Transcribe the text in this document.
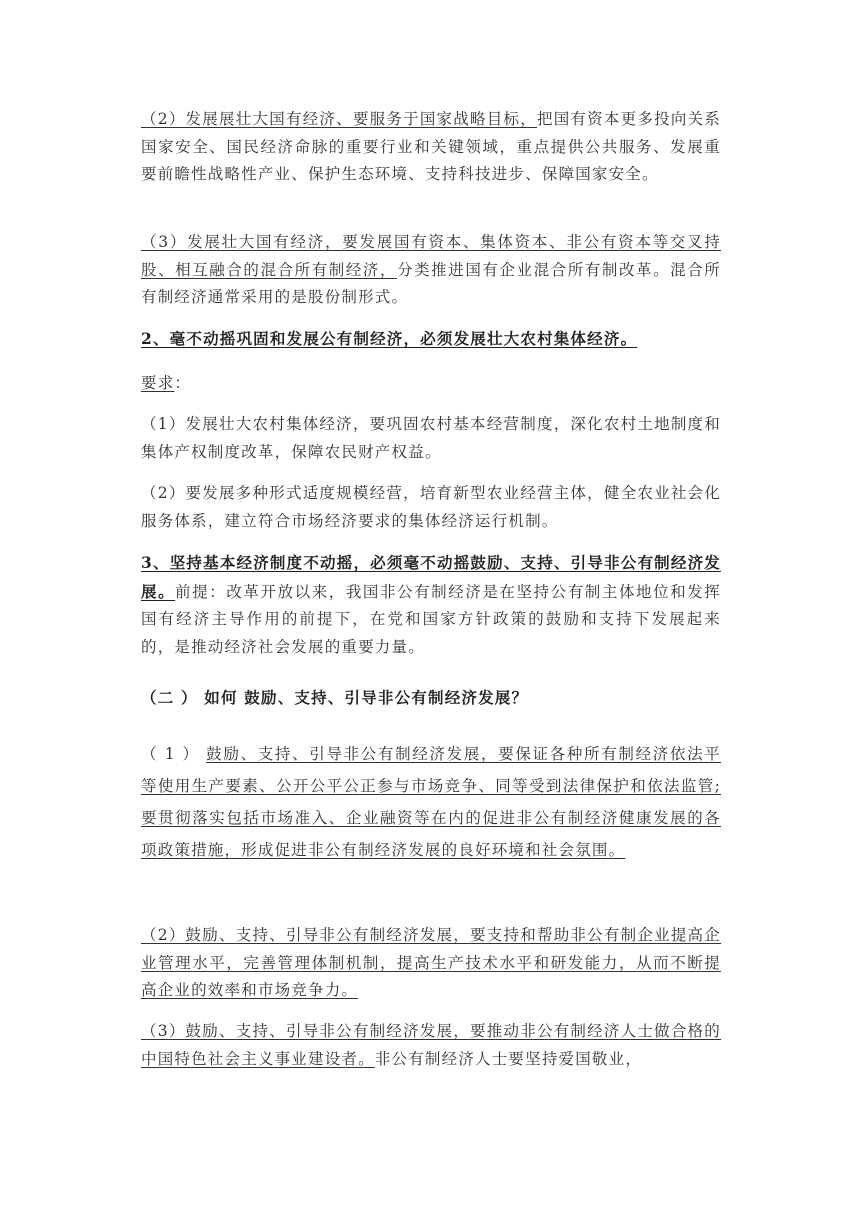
（2）发展展壮大国有经济、要服务于国家战略目标，把国有资本更多投向关系国家安全、国民经济命脉的重要行业和关键领域，重点提供公共服务、发展重要前瞻性战略性产业、保护生态环境、支持科技进步、保障国家安全。

（3）发展壮大国有经济，要发展国有资本、集体资本、非公有资本等交叉持股、相互融合的混合所有制经济，分类推进国有企业混合所有制改革。混合所有制经济通常采用的是股份制形式。

2、毫不动摇巩固和发展公有制经济，必须发展壮大农村集体经济。

要求：

（1）发展壮大农村集体经济，要巩固农村基本经营制度，深化农村土地制度和集体产权制度改革，保障农民财产权益。

（2）要发展多种形式适度规模经营，培育新型农业经营主体，健全农业社会化服务体系，建立符合市场经济要求的集体经济运行机制。

3、坚持基本经济制度不动摇，必须毫不动摇鼓励、支持、引导非公有制经济发展。前提：改革开放以来，我国非公有制经济是在坚持公有制主体地位和发挥国有经济主导作用的前提下，在党和国家方针政策的鼓励和支持下发展起来的，是推动经济社会发展的重要力量。

（二 ） 如何 鼓励、支持、引导非公有制经济发展？

（ 1 ） 鼓励、支持、引导非公有制经济发展，要保证各种所有制经济依法平等使用生产要素、公开公平公正参与市场竞争、同等受到法律保护和依法监管;要贯彻落实包括市场准入、企业融资等在内的促进非公有制经济健康发展的各项政策措施，形成促进非公有制经济发展的良好环境和社会氛围。

（2）鼓励、支持、引导非公有制经济发展，要支持和帮助非公有制企业提高企业管理水平，完善管理体制机制，提高生产技术水平和研发能力，从而不断提高企业的效率和市场竞争力。

（3）鼓励、支持、引导非公有制经济发展，要推动非公有制经济人士做合格的中国特色社会主义事业建设者。非公有制经济人士要坚持爱国敬业，
